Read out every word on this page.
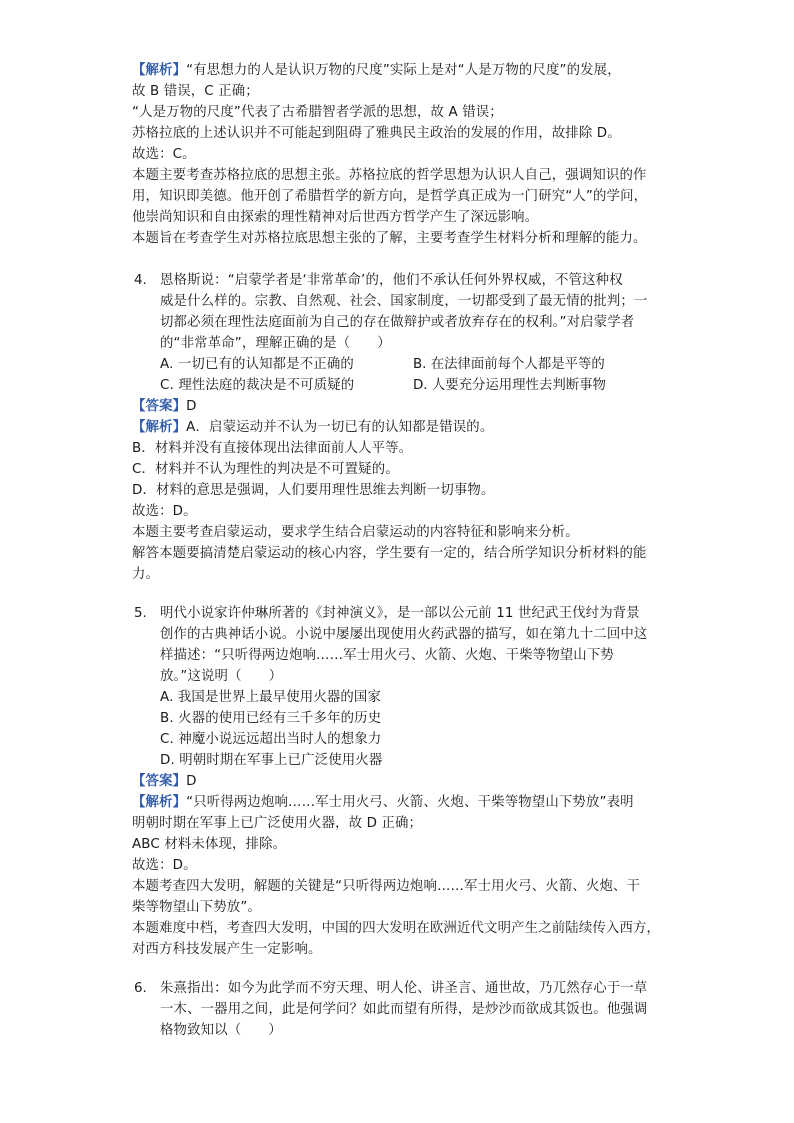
【解析】“有思想力的人是认识万物的尺度”实际上是对“人是万物的尺度”的发展，
故 B 错误，C 正确；
“人是万物的尺度”代表了古希腊智者学派的思想，故 A 错误；
苏格拉底的上述认识并不可能起到阻碍了雅典民主政治的发展的作用，故排除 D。
故选：C。
本题主要考查苏格拉底的思想主张。苏格拉底的哲学思想为认识人自己，强调知识的作
用，知识即美德。他开创了希腊哲学的新方向，是哲学真正成为一门研究“人”的学问，
他崇尚知识和自由探索的理性精神对后世西方哲学产生了深远影响。
本题旨在考查学生对苏格拉底思想主张的了解，主要考查学生材料分析和理解的能力。
4. 恩格斯说：“启蒙学者是‘非常革命’的，他们不承认任何外界权威，不管这种权
威是什么样的。宗教、自然观、社会、国家制度，一切都受到了最无情的批判；一
切都必须在理性法庭面前为自己的存在做辩护或者放弃存在的权利。”对启蒙学者
的“非常革命”，理解正确的是（　　）
A. 一切已有的认知都是不正确的	B. 在法律面前每个人都是平等的
C. 理性法庭的裁决是不可质疑的	D. 人要充分运用理性去判断事物
【答案】D
【解析】A．启蒙运动并不认为一切已有的认知都是错误的。
B．材料并没有直接体现出法律面前人人平等。
C．材料并不认为理性的判决是不可置疑的。
D．材料的意思是强调，人们要用理性思维去判断一切事物。
故选：D。
本题主要考查启蒙运动，要求学生结合启蒙运动的内容特征和影响来分析。
解答本题要搞清楚启蒙运动的核心内容，学生要有一定的，结合所学知识分析材料的能
力。
5. 明代小说家许仲琳所著的《封神演义》，是一部以公元前 11 世纪武王伐纣为背景
创作的古典神话小说。小说中屡屡出现使用火药武器的描写，如在第九十二回中这
样描述：“只听得两边炮响……军士用火弓、火箭、火炮、干柴等物望山下势
放。”这说明（　　）
A. 我国是世界上最早使用火器的国家
B. 火器的使用已经有三千多年的历史
C. 神魔小说远远超出当时人的想象力
D. 明朝时期在军事上已广泛使用火器
【答案】D
【解析】“只听得两边炮响……军士用火弓、火箭、火炮、干柴等物望山下势放”表明
明朝时期在军事上已广泛使用火器，故 D 正确；
ABC 材料未体现，排除。
故选：D。
本题考查四大发明，解题的关键是“只听得两边炮响……军士用火弓、火箭、火炮、干
柴等物望山下势放”。
本题难度中档，考查四大发明，中国的四大发明在欧洲近代文明产生之前陆续传入西方，
对西方科技发展产生一定影响。
6. 朱熹指出：如今为此学而不穷天理、明人伦、讲圣言、通世故，乃兀然存心于一草
一木、一器用之间，此是何学问？如此而望有所得，是炒沙而欲成其饭也。他强调
格物致知以（　　）
